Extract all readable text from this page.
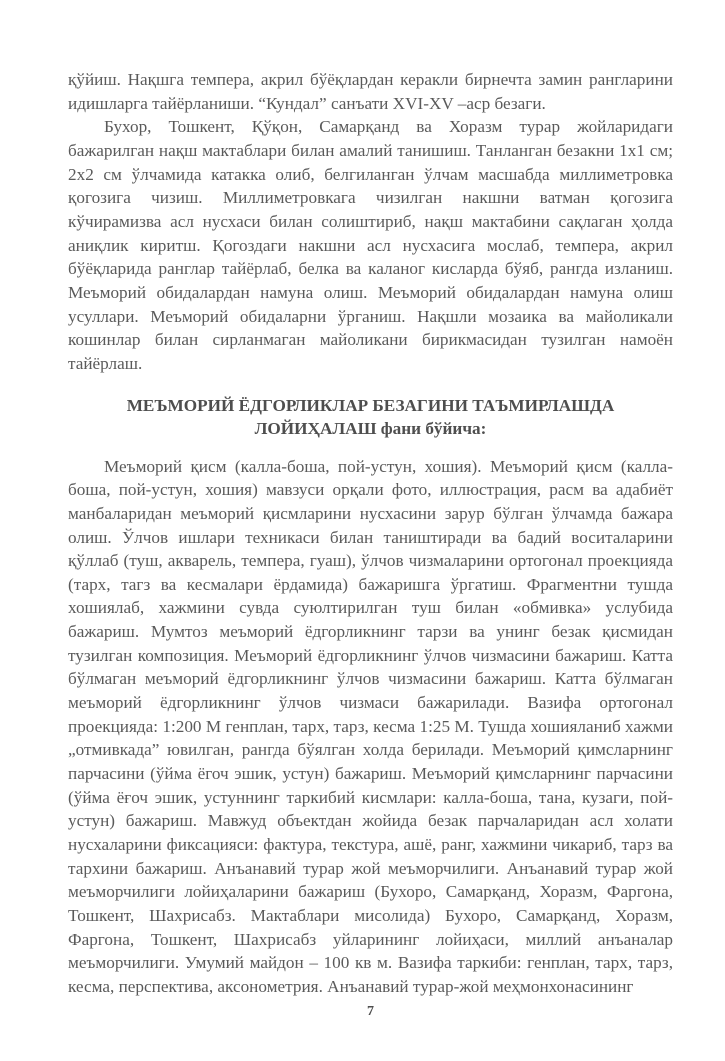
қўйиш. Нақшга темпера, акрил бўёқлардан керакли бирнечта замин рангларини идишларга тайёрланиши. “Кундал” санъати XVI-XV –аср безаги.

Бухор, Тошкент, Қўқон, Самарқанд ва Хоразм турар жойларидаги бажарилган нақш мактаблари билан амалий танишиш. Танланган безакни 1x1 см; 2x2 см ўлчамида катакка олиб, белгиланган ўлчам масшабда миллиметровка қогозига чизиш. Миллиметровкага чизилган накшни ватман қогозига кўчирамизва асл нусхаси билан солиштириб, нақш мактабини сақлаган ҳолда аниқлик киритш. Қогоздаги накшни асл нусхасига мослаб, темпера, акрил бўёқларида ранглар тайёрлаб, белка ва каланог кисларда бўяб, рангда изланиш. Меъморий обидалардан намуна олиш. Меъморий обидалардан намуна олиш усуллари. Меъморий обидаларни ўрганиш. Нақшли мозаика ва майоликали кошинлар билан сирланмаган майоликани бирикмасидан тузилган намоён тайёрлаш.

МЕЪМОРИЙ ЁДГОРЛИКЛАР БЕЗАГИНИ ТАЪМИРЛАШДА
ЛОЙИҲАЛАШ фани бўйича:

Меъморий қисм (калла-боша, пой-устун, хошия). Меъморий қисм (калла-боша, пой-устун, хошия) мавзуси орқали фото, иллюстрация, расм ва адабиёт манбаларидан меъморий қисмларини нусхасини зарур бўлган ўлчамда бажара олиш. Ўлчов ишлари техникаси билан таништиради ва бадий воситаларини қўллаб (туш, акварель, темпера, гуаш), ўлчов чизмаларини ортогонал проекцияда (тарх, тагз ва кесмалари ёрдамида) бажаришга ўргатиш. Фрагментни тушда хошиялаб, хажмини сувда суюлтирилган туш билан «обмивка» услубида бажариш. Мумтоз меъморий ёдгорликнинг тарзи ва унинг безак қисмидан тузилган композиция. Меъморий ёдгорликнинг ўлчов чизмасини бажариш. Катта бўлмаган меъморий ёдгорликнинг ўлчов чизмасини бажариш. Катта бўлмаган меъморий ёдгорликнинг ўлчов чизмаси бажарилади. Вазифа ортогонал проекцияда: 1:200 М генплан, тарх, тарз, кесма 1:25 М. Тушда хошияланиб хажми „отмивкада” ювилган, рангда бўялган холда берилади. Меъморий қимсларнинг парчасини (ўйма ёгоч эшик, устун) бажариш. Меъморий қимсларнинг парчасини (ўйма ёғоч эшик, устуннинг таркибий кисмлари: калла-боша, тана, кузаги, пой-устун) бажариш. Мавжуд объектдан жойида безак парчаларидан асл холати нусхаларини фиксацияси: фактура, текстура, ашё, ранг, хажмини чикариб, тарз ва тархини бажариш. Анъанавий турар жой меъморчилиги. Анъанавий турар жой меъморчилиги лойиҳаларини бажариш (Бухоро, Самарқанд, Хоразм, Фаргона, Тошкент, Шахрисабз. Мактаблари мисолида) Бухоро, Самарқанд, Хоразм, Фаргона, Тошкент, Шахрисабз уйларининг лойиҳаси, миллий анъаналар меъморчилиги. Умумий майдон – 100 кв м. Вазифа таркиби: генплан, тарх, тарз, кесма, перспектива, аксонометрия. Анъанавий турар-жой меҳмонхонасининг

7
